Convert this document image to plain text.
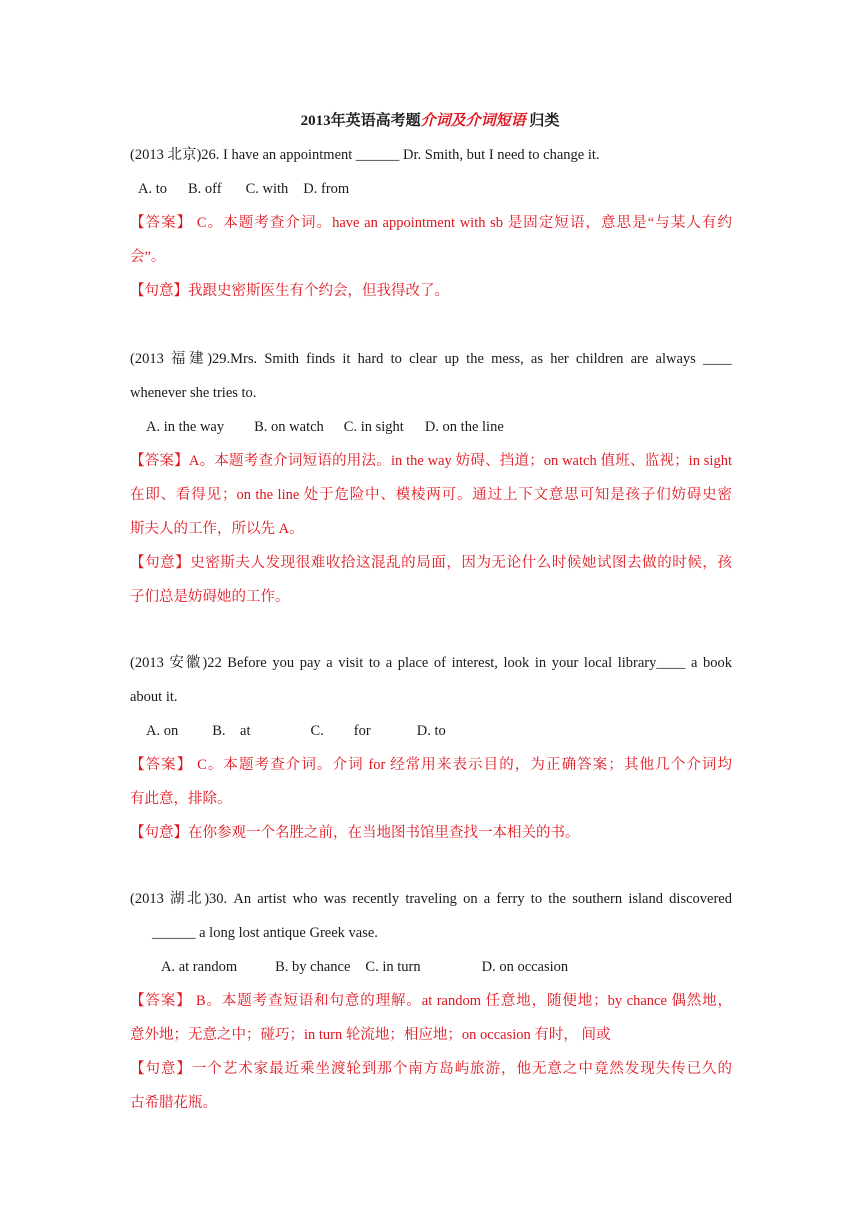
2013年英语高考题介词及介词短语 归类
(2013 北京)26. I have an appointment ______ Dr. Smith, but I need to change it.
A. to B. off C. with D. from
【答案】 C。本题考查介词。have an appointment with sb 是固定短语，意思是“与某人有约
会”。
【句意】我跟史密斯医生有个约会，但我得改了。
(2013 福建)29.Mrs. Smith finds it hard to clear up the mess, as her children are always ____
whenever she tries to.
A. in the way B. on watch C. in sight D. on the line
【答案】A。本题考查介词短语的用法。in the way 妨碍、挡道；on watch 值班、监视；in sight
在即、看得见；on the line 处于危险中、模棱两可。通过上下文意思可知是孩子们妨碍史密
斯夫人的工作，所以先 A。
【句意】史密斯夫人发现很难收拾这混乱的局面，因为无论什么时候她试图去做的时候，孩
子们总是妨碍她的工作。
(2013 安徽)22 Before you pay a visit to a place of interest, look in your local library____ a book
about it.
A. on B.    at	C. for	D. to
【答案】 C。本题考查介词。介词 for 经常用来表示目的，为正确答案；其他几个介词均
有此意，排除。
【句意】在你参观一个名胜之前，在当地图书馆里查找一本相关的书。
(2013 湖北)30. An artist who was recently traveling on a ferry to the southern island discovered
______ a long lost antique Greek vase.
A. at random	B. by chance C. in turn	D. on occasion
【答案】 B。本题考查短语和句意的理解。at random 任意地，随便地；by chance 偶然地，
意外地；无意之中；碰巧；in turn 轮流地；相应地；on occasion 有时， 间或
【句意】一个艺术家最近乘坐渡轮到那个南方岛屿旅游，他无意之中竟然发现失传已久的
古希腊花瓶。
